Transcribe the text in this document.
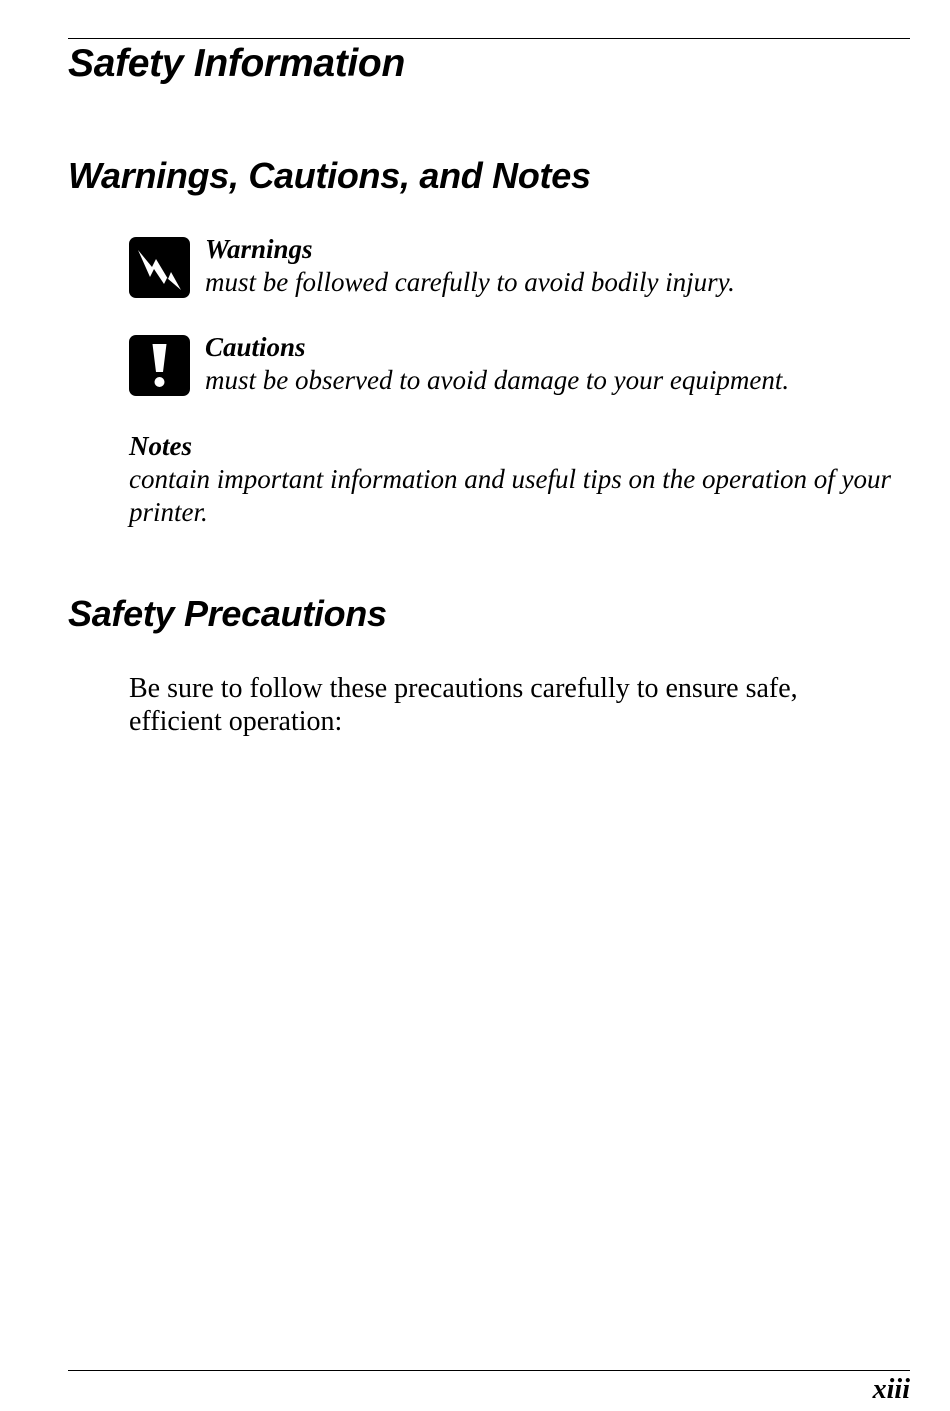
Safety Information
Warnings, Cautions, and Notes
Warnings
must be followed carefully to avoid bodily injury.
Cautions
must be observed to avoid damage to your equipment.
Notes
contain important information and useful tips on the operation of your printer.
Safety Precautions

Be sure to follow these precautions carefully to ensure safe, efficient operation:

xiii
